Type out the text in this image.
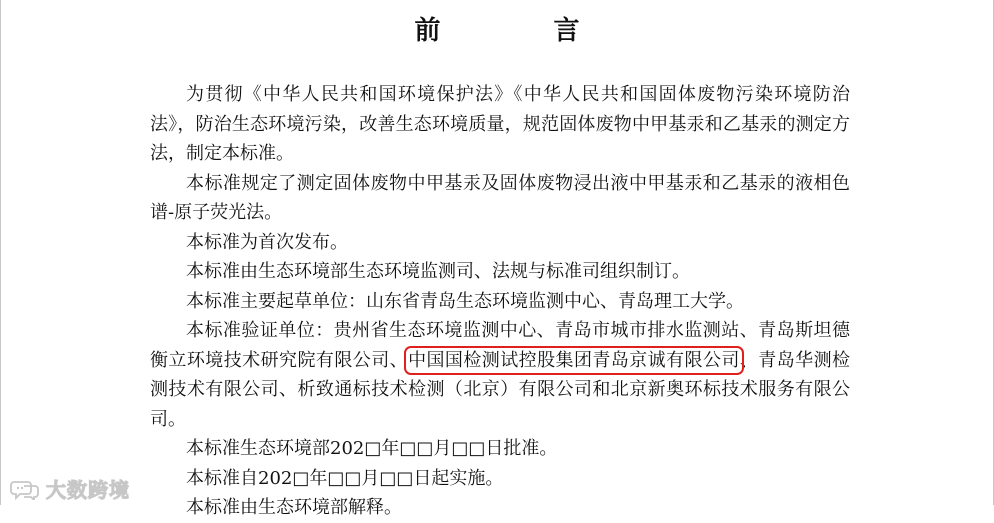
前 言

为贯彻《中华人民共和国环境保护法》《中华人民共和国固体废物污染环境防治法》，防治生态环境污染，改善生态环境质量，规范固体废物中甲基汞和乙基汞的测定方法，制定本标准。

本标准规定了测定固体废物中甲基汞及固体废物浸出液中甲基汞和乙基汞的液相色谱-原子荧光法。

本标准为首次发布。

本标准由生态环境部生态环境监测司、法规与标准司组织制订。

本标准主要起草单位：山东省青岛生态环境监测中心、青岛理工大学。

本标准验证单位：贵州省生态环境监测中心、青岛市城市排水监测站、青岛斯坦德衡立环境技术研究院有限公司、中国国检测试控股集团青岛京诚有限公司、青岛华测检测技术有限公司、析致通标技术检测（北京）有限公司和北京新奥环标技术服务有限公司。

本标准生态环境部202□年□□月□□日批准。

本标准自202□年□□月□□日起实施。

本标准由生态环境部解释。

大数跨境
